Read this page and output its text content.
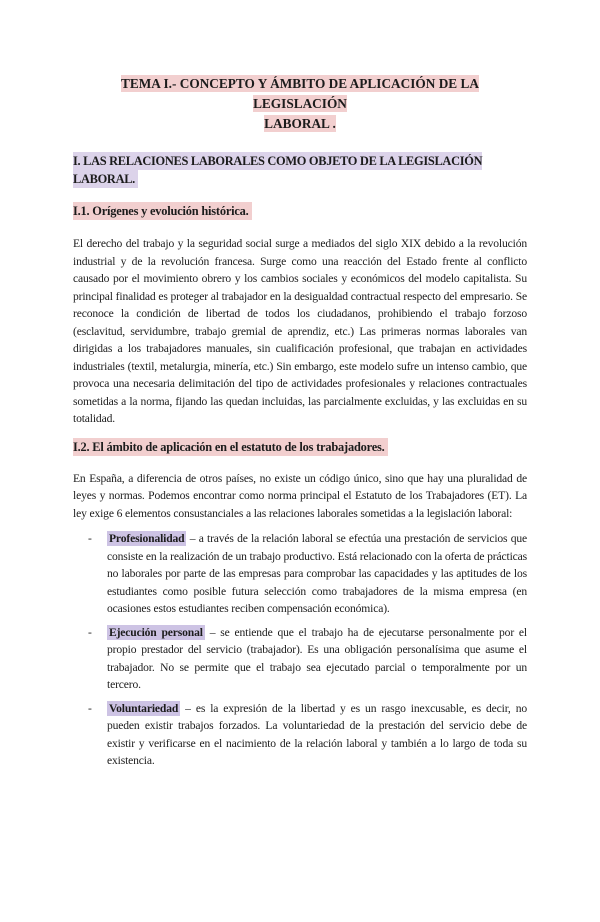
TEMA I.- CONCEPTO Y ÁMBITO DE APLICACIÓN DE LA LEGISLACIÓN
LABORAL .
I. LAS RELACIONES LABORALES COMO OBJETO DE LA LEGISLACIÓN LABORAL.
I.1. Orígenes y evolución histórica.
El derecho del trabajo y la seguridad social surge a mediados del siglo XIX debido a la revolución industrial y de la revolución francesa. Surge como una reacción del Estado frente al conflicto causado por el movimiento obrero y los cambios sociales y económicos del modelo capitalista. Su principal finalidad es proteger al trabajador en la desigualdad contractual respecto del empresario. Se reconoce la condición de libertad de todos los ciudadanos, prohibiendo el trabajo forzoso (esclavitud, servidumbre, trabajo gremial de aprendiz, etc.) Las primeras normas laborales van dirigidas a los trabajadores manuales, sin cualificación profesional, que trabajan en actividades industriales (textil, metalurgia, minería, etc.) Sin embargo, este modelo sufre un intenso cambio, que provoca una necesaria delimitación del tipo de actividades profesionales y relaciones contractuales sometidas a la norma, fijando las quedan incluidas, las parcialmente excluidas, y las excluidas en su totalidad.
I.2. El ámbito de aplicación en el estatuto de los trabajadores.
En España, a diferencia de otros países, no existe un código único, sino que hay una pluralidad de leyes y normas. Podemos encontrar como norma principal el Estatuto de los Trabajadores (ET). La ley exige 6 elementos consustanciales a las relaciones laborales sometidas a la legislación laboral:
- Profesionalidad – a través de la relación laboral se efectúa una prestación de servicios que consiste en la realización de un trabajo productivo. Está relacionado con la oferta de prácticas no laborales por parte de las empresas para comprobar las capacidades y las aptitudes de los estudiantes como posible futura selección como trabajadores de la misma empresa (en ocasiones estos estudiantes reciben compensación económica).
- Ejecución personal – se entiende que el trabajo ha de ejecutarse personalmente por el propio prestador del servicio (trabajador). Es una obligación personalísima que asume el trabajador. No se permite que el trabajo sea ejecutado parcial o temporalmente por un tercero.
- Voluntariedad – es la expresión de la libertad y es un rasgo inexcusable, es decir, no pueden existir trabajos forzados. La voluntariedad de la prestación del servicio debe de existir y verificarse en el nacimiento de la relación laboral y también a lo largo de toda su existencia.
